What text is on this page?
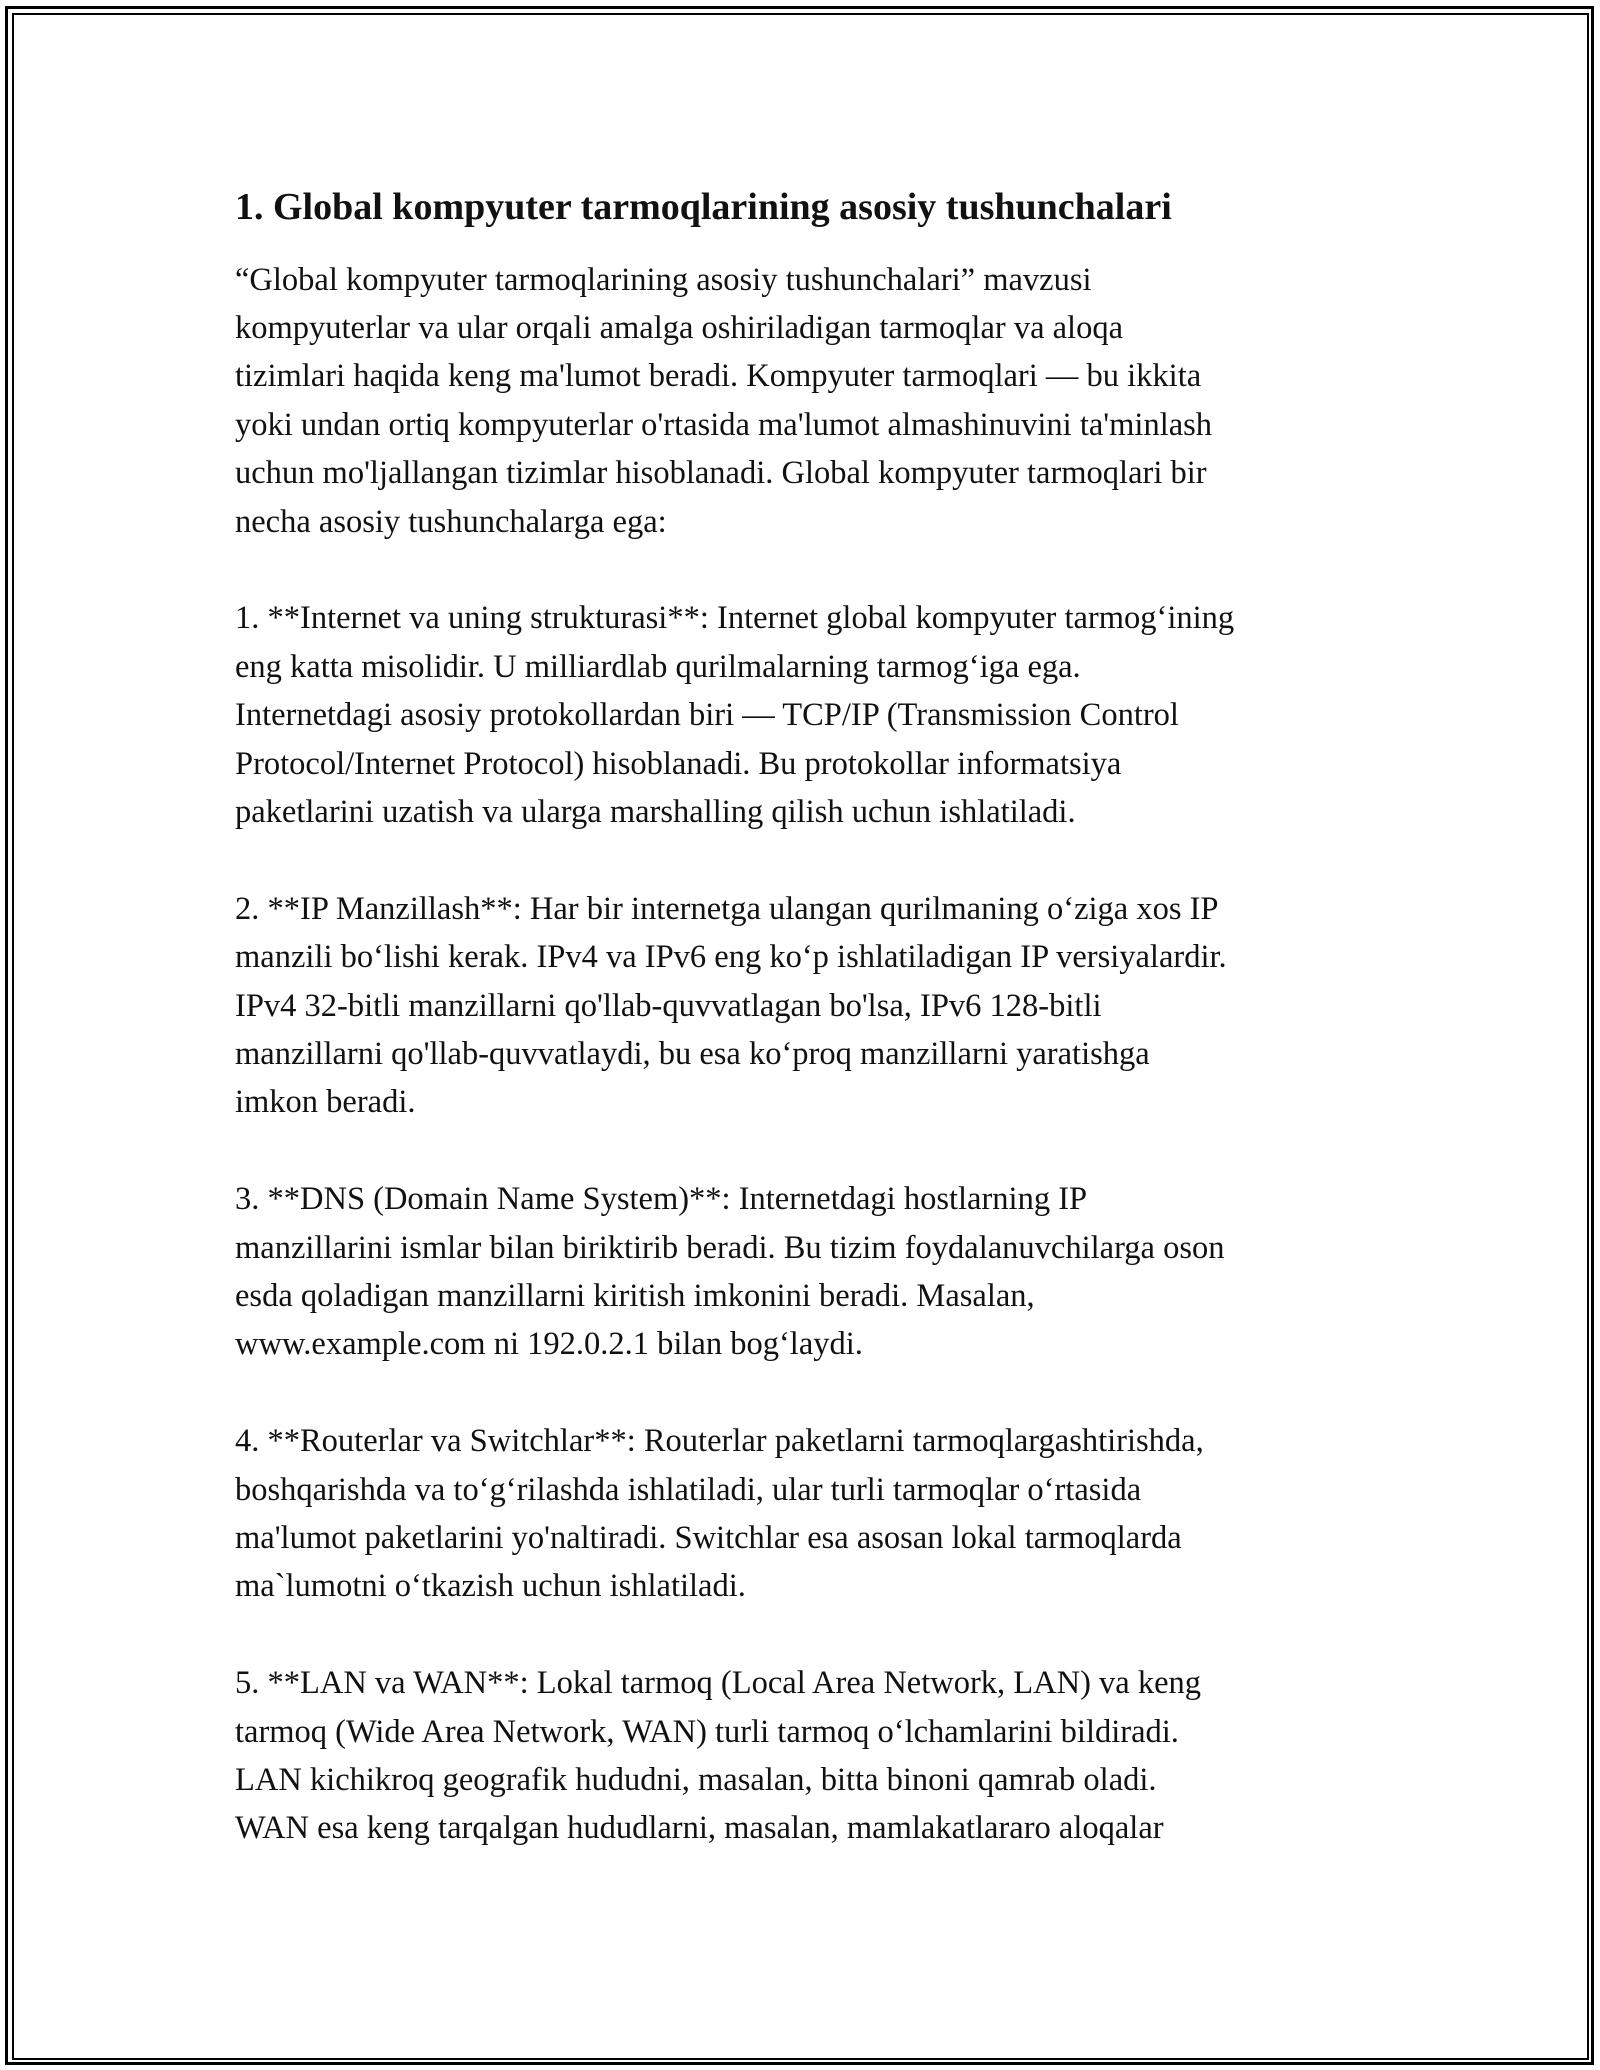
1. Global kompyuter tarmoqlarining asosiy tushunchalari

“Global kompyuter tarmoqlarining asosiy tushunchalari” mavzusi
kompyuterlar va ular orqali amalga oshiriladigan tarmoqlar va aloqa
tizimlari haqida keng ma'lumot beradi. Kompyuter tarmoqlari — bu ikkita
yoki undan ortiq kompyuterlar o'rtasida ma'lumot almashinuvini ta'minlash
uchun mo'ljallangan tizimlar hisoblanadi. Global kompyuter tarmoqlari bir
necha asosiy tushunchalarga ega:

1. **Internet va uning strukturasi**: Internet global kompyuter tarmogʻining
eng katta misolidir. U milliardlab qurilmalarning tarmogʻiga ega.
Internetdagi asosiy protokollardan biri — TCP/IP (Transmission Control
Protocol/Internet Protocol) hisoblanadi. Bu protokollar informatsiya
paketlarini uzatish va ularga marshalling qilish uchun ishlatiladi.

2. **IP Manzillash**: Har bir internetga ulangan qurilmaning oʻziga xos IP
manzili boʻlishi kerak. IPv4 va IPv6 eng koʻp ishlatiladigan IP versiyalardir.
IPv4 32-bitli manzillarni qo'llab-quvvatlagan bo'lsa, IPv6 128-bitli
manzillarni qo'llab-quvvatlaydi, bu esa koʻproq manzillarni yaratishga
imkon beradi.

3. **DNS (Domain Name System)**: Internetdagi hostlarning IP
manzillarini ismlar bilan biriktirib beradi. Bu tizim foydalanuvchilarga oson
esda qoladigan manzillarni kiritish imkonini beradi. Masalan,
www.example.com ni 192.0.2.1 bilan bogʻlaydi.

4. **Routerlar va Switchlar**: Routerlar paketlarni tarmoqlargashtirishda,
boshqarishda va toʻgʻrilashda ishlatiladi, ular turli tarmoqlar oʻrtasida
ma'lumot paketlarini yo'naltiradi. Switchlar esa asosan lokal tarmoqlarda
ma`lumotni oʻtkazish uchun ishlatiladi.

5. **LAN va WAN**: Lokal tarmoq (Local Area Network, LAN) va keng
tarmoq (Wide Area Network, WAN) turli tarmoq oʻlchamlarini bildiradi.
LAN kichikroq geografik hududni, masalan, bitta binoni qamrab oladi.
WAN esa keng tarqalgan hududlarni, masalan, mamlakatlararo aloqalar
